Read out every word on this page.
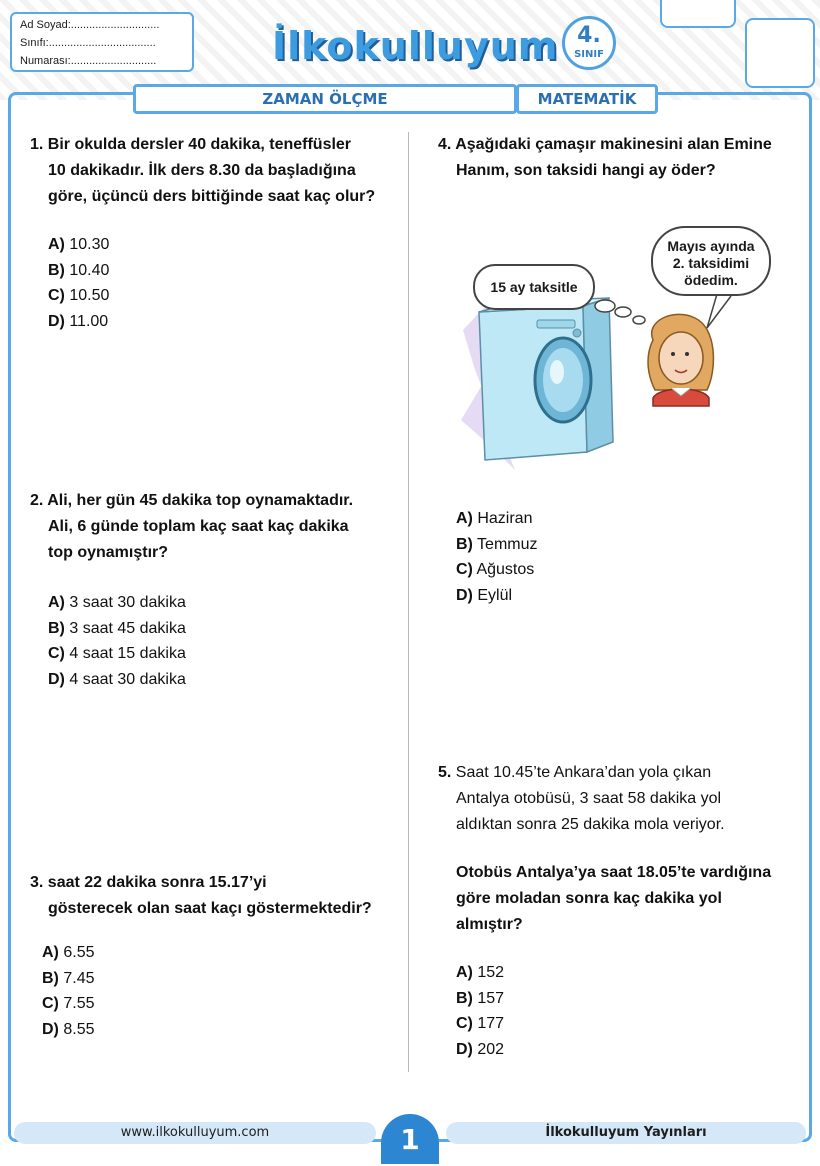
Ad Soyad:.............................
Sınıfı:...................................
Numarası:............................	İlkokulluyum 4.
SINIF
ZAMAN ÖLÇME	MATEMATİK
1. Bir okulda dersler 40 dakika, teneffüsler
10 dakikadır. İlk ders 8.30 da başladığına
göre, üçüncü ders bittiğinde saat kaç olur?
A) 10.30
B) 10.40
C) 10.50
D) 11.00
2. Ali, her gün 45 dakika top oynamaktadır.
Ali, 6 günde toplam kaç saat kaç dakika
top oynamıştır?
A) 3 saat 30 dakika
B) 3 saat 45 dakika
C) 4 saat 15 dakika
D) 4 saat 30 dakika
3. saat 22 dakika sonra 15.17’yi
gösterecek olan saat kaçı göstermektedir?
A) 6.55
B) 7.45
C) 7.55
D) 8.55
4. Aşağıdaki çamaşır makinesini alan Emine
Hanım, son taksidi hangi ay öder?
15 ay taksitle
Mayıs ayında
2. taksidimi
ödedim.
A) Haziran
B) Temmuz
C) Ağustos
D) Eylül
5. Saat 10.45’te Ankara’dan yola çıkan
Antalya otobüsü, 3 saat 58 dakika yol
aldıktan sonra 25 dakika mola veriyor.
Otobüs Antalya’ya saat 18.05’te vardığına
göre moladan sonra kaç dakika yol
almıştır?
A) 152
B) 157
C) 177
D) 202
www.ilkokulluyum.com	1	İlkokulluyum Yayınları
